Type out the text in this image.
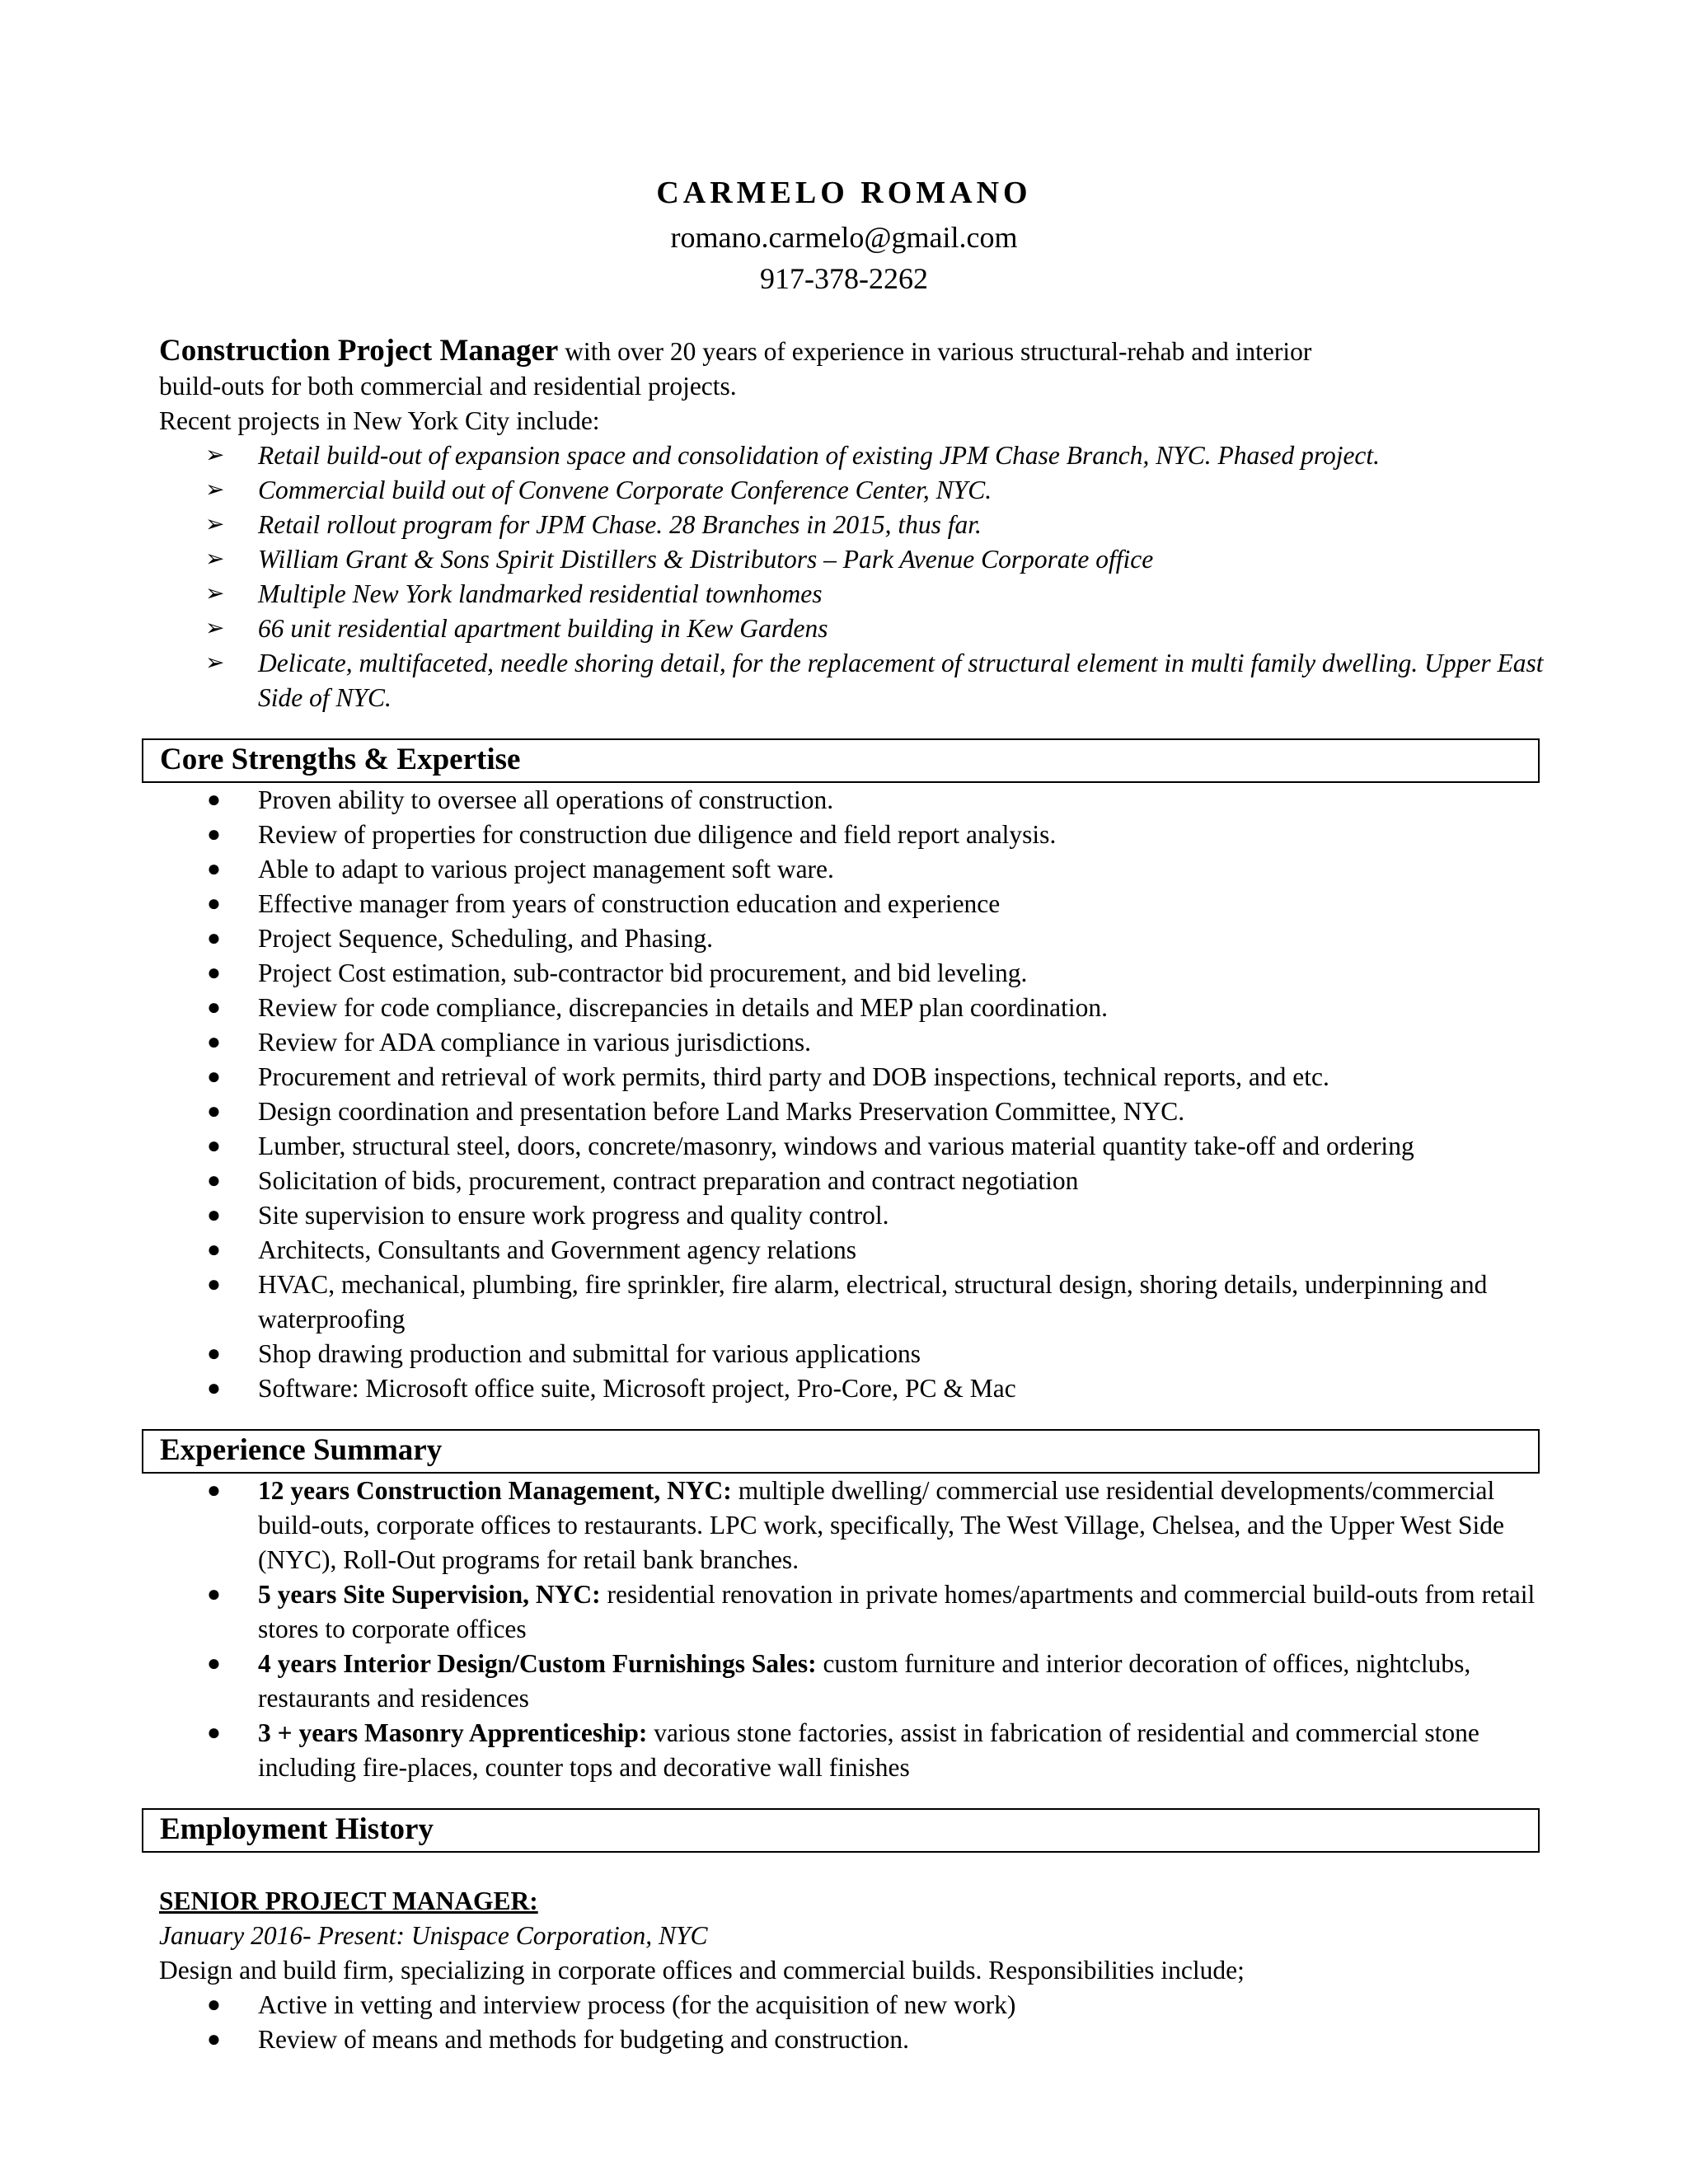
CARMELO ROMANO
romano.carmelo@gmail.com
917-378-2262
Construction Project Manager with over 20 years of experience in various structural-rehab and interior
build-outs for both commercial and residential projects.
Recent projects in New York City include:
➢ Retail build-out of expansion space and consolidation of existing JPM Chase Branch, NYC. Phased project.
➢ Commercial build out of Convene Corporate Conference Center, NYC.
➢ Retail rollout program for JPM Chase. 28 Branches in 2015, thus far.
➢ William Grant & Sons Spirit Distillers & Distributors – Park Avenue Corporate office
➢ Multiple New York landmarked residential townhomes
➢ 66 unit residential apartment building in Kew Gardens
➢ Delicate, multifaceted, needle shoring detail, for the replacement of structural element in multi family dwelling. Upper East Side of NYC.
Core Strengths & Expertise
● Proven ability to oversee all operations of construction.
● Review of properties for construction due diligence and field report analysis.
● Able to adapt to various project management soft ware.
● Effective manager from years of construction education and experience
● Project Sequence, Scheduling, and Phasing.
● Project Cost estimation, sub-contractor bid procurement, and bid leveling.
● Review for code compliance, discrepancies in details and MEP plan coordination.
● Review for ADA compliance in various jurisdictions.
● Procurement and retrieval of work permits, third party and DOB inspections, technical reports, and etc.
● Design coordination and presentation before Land Marks Preservation Committee, NYC.
● Lumber, structural steel, doors, concrete/masonry, windows and various material quantity take-off and ordering
● Solicitation of bids, procurement, contract preparation and contract negotiation
● Site supervision to ensure work progress and quality control.
● Architects, Consultants and Government agency relations
● HVAC, mechanical, plumbing, fire sprinkler, fire alarm, electrical, structural design, shoring details, underpinning and waterproofing
● Shop drawing production and submittal for various applications
● Software: Microsoft office suite, Microsoft project, Pro-Core, PC & Mac
Experience Summary
● 12 years Construction Management, NYC: multiple dwelling/ commercial use residential developments/commercial build-outs, corporate offices to restaurants. LPC work, specifically, The West Village, Chelsea, and the Upper West Side (NYC), Roll-Out programs for retail bank branches.
● 5 years Site Supervision, NYC: residential renovation in private homes/apartments and commercial build-outs from retail stores to corporate offices
● 4 years Interior Design/Custom Furnishings Sales: custom furniture and interior decoration of offices, nightclubs, restaurants and residences
● 3 + years Masonry Apprenticeship: various stone factories, assist in fabrication of residential and commercial stone including fire-places, counter tops and decorative wall finishes
Employment History
SENIOR PROJECT MANAGER:
January 2016- Present: Unispace Corporation, NYC
Design and build firm, specializing in corporate offices and commercial builds. Responsibilities include;
● Active in vetting and interview process (for the acquisition of new work)
● Review of means and methods for budgeting and construction.
